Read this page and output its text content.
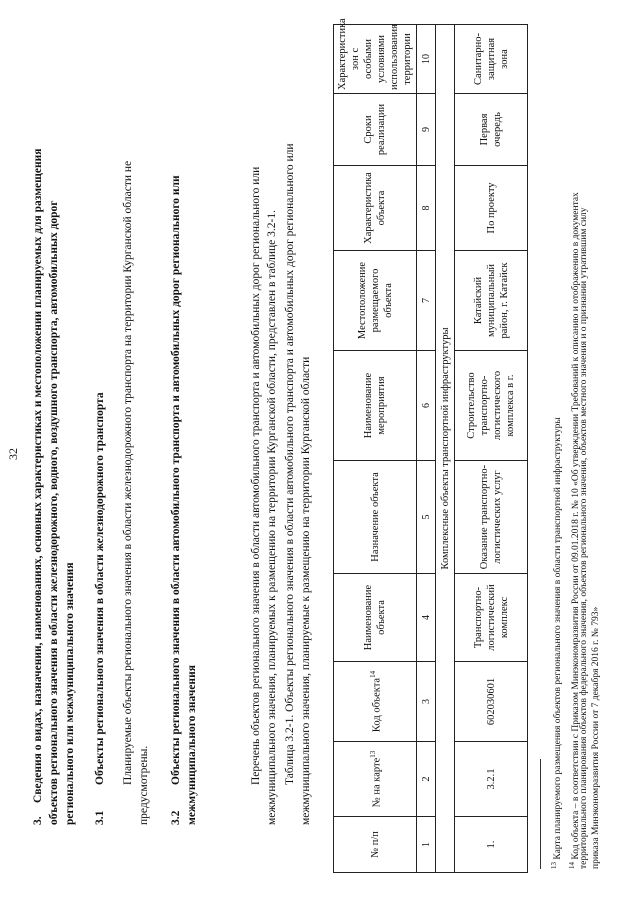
32
3.Сведения о видах, назначении, наименованиях, основных характеристиках и местоположении планируемых для размещения объектов регионального значения в области железнодорожного, водного, воздушного транспорта, автомобильных дорог регионального или межмуниципального значения 3.1Объекты регионального значения в области железнодорожного транспорта Планируемые объекты регионального значения в области железнодорожного транспорта на территории Курганской области не
предусмотрены. 3.2Объекты регионального значения в области автомобильного транспорта и автомобильных дорог регионального или межмуниципального значения	Перечень объектов регионального значения в области автомобильного транспорта и автомобильных дорог регионального или межмуниципального значения, планируемых к размещению на территории Курганской области, представлен в таблице 3.2-1. Таблица 3.2-1. Объекты регионального значения в области автомобильного транспорта и автомобильных дорог регионального или межмуниципального значения, планируемые к размещению на территории Курганской области
№ п/п	№ на карте$^{13}$	Код объекта$^{14}$	Наименование объекта	Назначение объекта	Наименование мероприятия	Местоположение размещаемого объекта	Характеристика объекта	Сроки реализации	Характеристика зон с особыми условиями использования территории
1	2	3	4	5	6	7	8	9	10
Комплексные объекты транспортной инфраструктуры									
1.	3.2.1	602030601	Транспортно-логистический комплекс	Оказание транспортно-логистических услуг	Строительство транспортно-логистического комплекса в г.	Катайский муниципальный район, г. Катайск	По проекту	Первая очередь	Санитарно-защитная зона
$^{13}$ Карта планируемого размещения объектов регионального значения в области транспортной инфраструктуры
$^{14}$ Код объекта – в соответствии с Приказом Минэкономразвития России от 09.01.2018 г. № 10 «Об утверждении Требований к описанию и отображению в документах
территориального планирования объектов федерального значения, объектов регионального значения, объектов местного значения и о признании утратившим силу приказа Минэкономразвития России от 7 декабря 2016 г. № 793»
